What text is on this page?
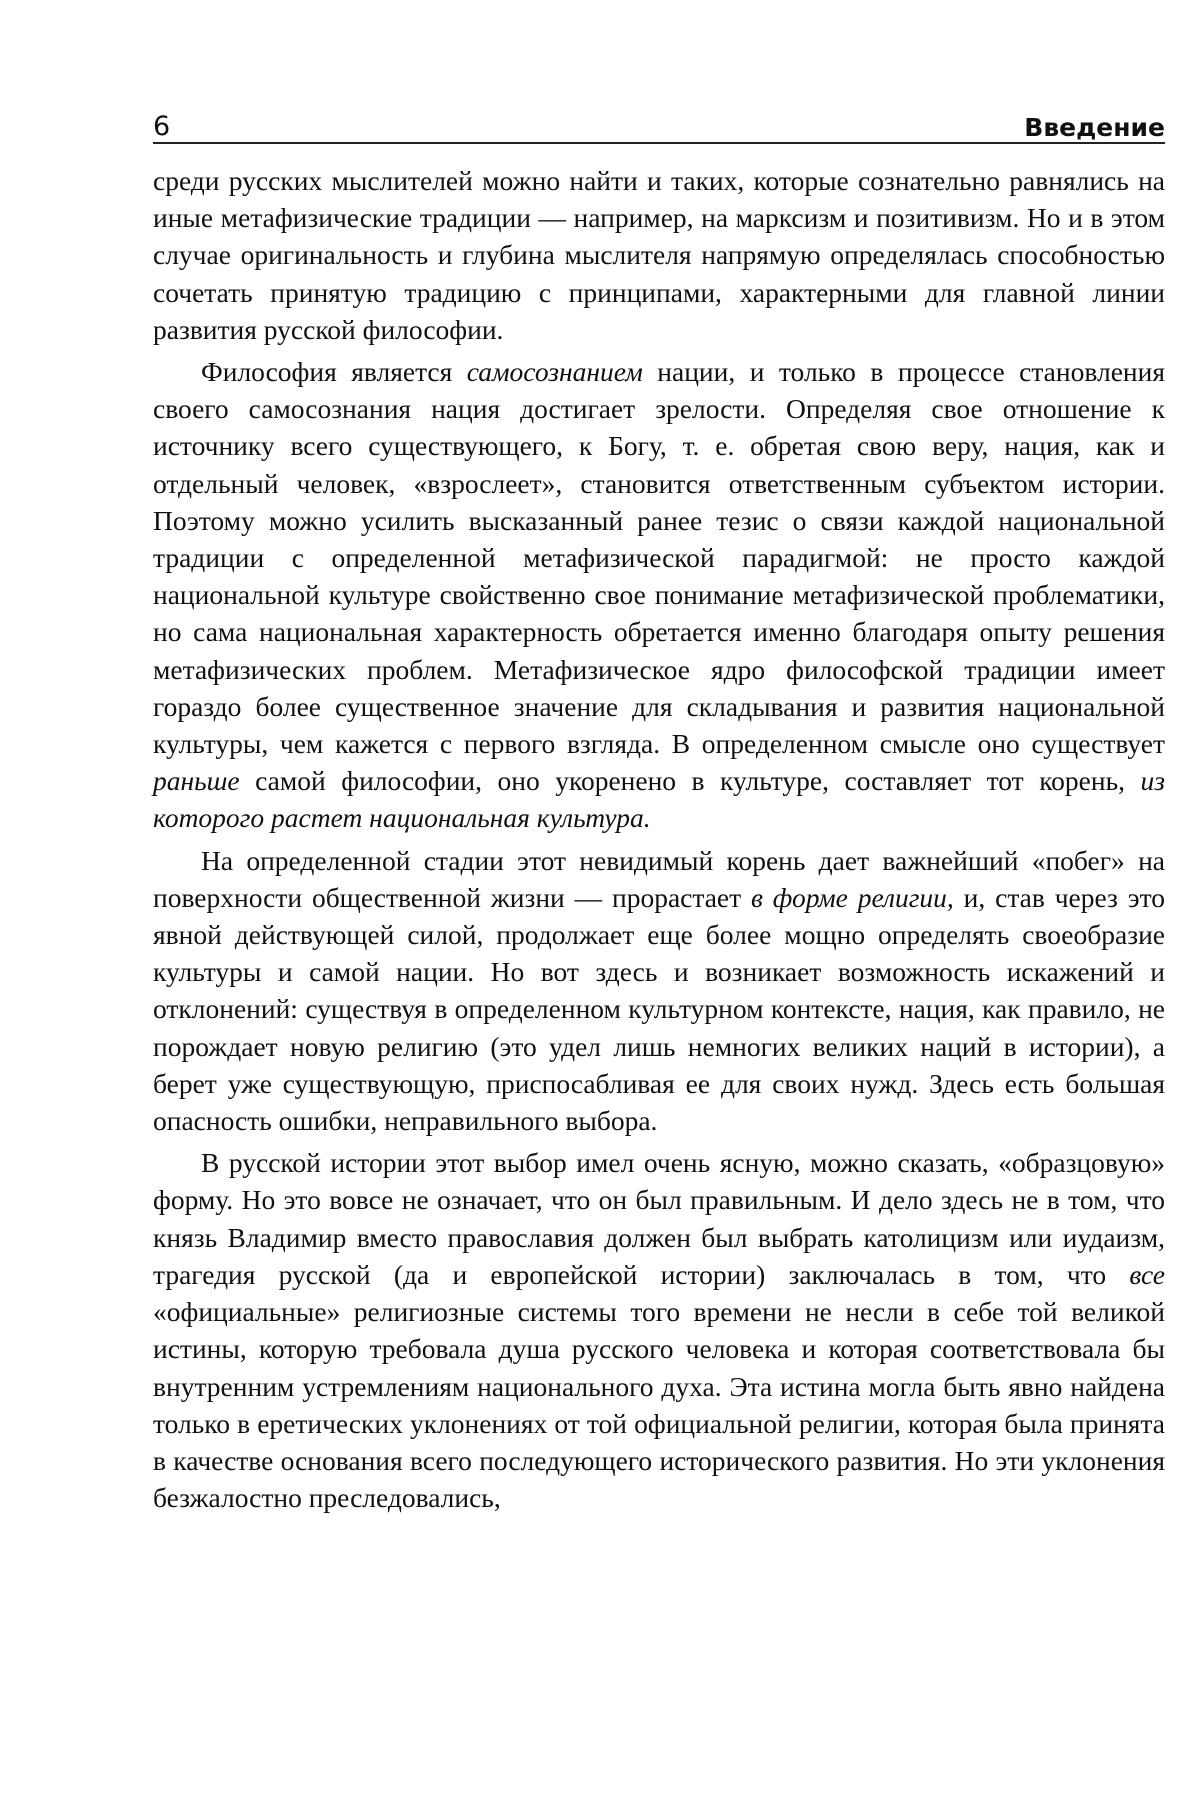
6	Введение

среди русских мыслителей можно найти и таких, которые сознательно равнялись на иные метафизические традиции — например, на марксизм и позитивизм. Но и в этом случае оригинальность и глубина мыслителя напрямую определялась способностью сочетать принятую традицию с принципами, характерными для главной линии развития русской философии.

Философия является самосознанием нации, и только в процессе становления своего самосознания нация достигает зрелости. Определяя свое отношение к источнику всего существующего, к Богу, т. е. обретая свою веру, нация, как и отдельный человек, «взрослеет», становится ответственным субъектом истории. Поэтому можно усилить высказанный ранее тезис о связи каждой национальной традиции с определенной метафизической парадигмой: не просто каждой национальной культуре свойственно свое понимание метафизической проблематики, но сама национальная характерность обретается именно благодаря опыту решения метафизических проблем. Метафизическое ядро философской традиции имеет гораздо более существенное значение для складывания и развития национальной культуры, чем кажется с первого взгляда. В определенном смысле оно существует раньше самой философии, оно укоренено в культуре, составляет тот корень, из которого растет национальная культура.

На определенной стадии этот невидимый корень дает важнейший «побег» на поверхности общественной жизни — прорастает в форме религии, и, став через это явной действующей силой, продолжает еще более мощно определять своеобразие культуры и самой нации. Но вот здесь и возникает возможность искажений и отклонений: существуя в определенном культурном контексте, нация, как правило, не порождает новую религию (это удел лишь немногих великих наций в истории), а берет уже существующую, приспосабливая ее для своих нужд. Здесь есть большая опасность ошибки, неправильного выбора.

В русской истории этот выбор имел очень ясную, можно сказать, «образцовую» форму. Но это вовсе не означает, что он был правильным. И дело здесь не в том, что князь Владимир вместо православия должен был выбрать католицизм или иудаизм, трагедия русской (да и европейской истории) заключалась в том, что все «официальные» религиозные системы того времени не несли в себе той великой истины, которую требовала душа русского человека и которая соответствовала бы внутренним устремлениям национального духа. Эта истина могла быть явно найдена только в еретических уклонениях от той официальной религии, которая была принята в качестве основания всего последующего исторического развития. Но эти уклонения безжалостно преследовались,
